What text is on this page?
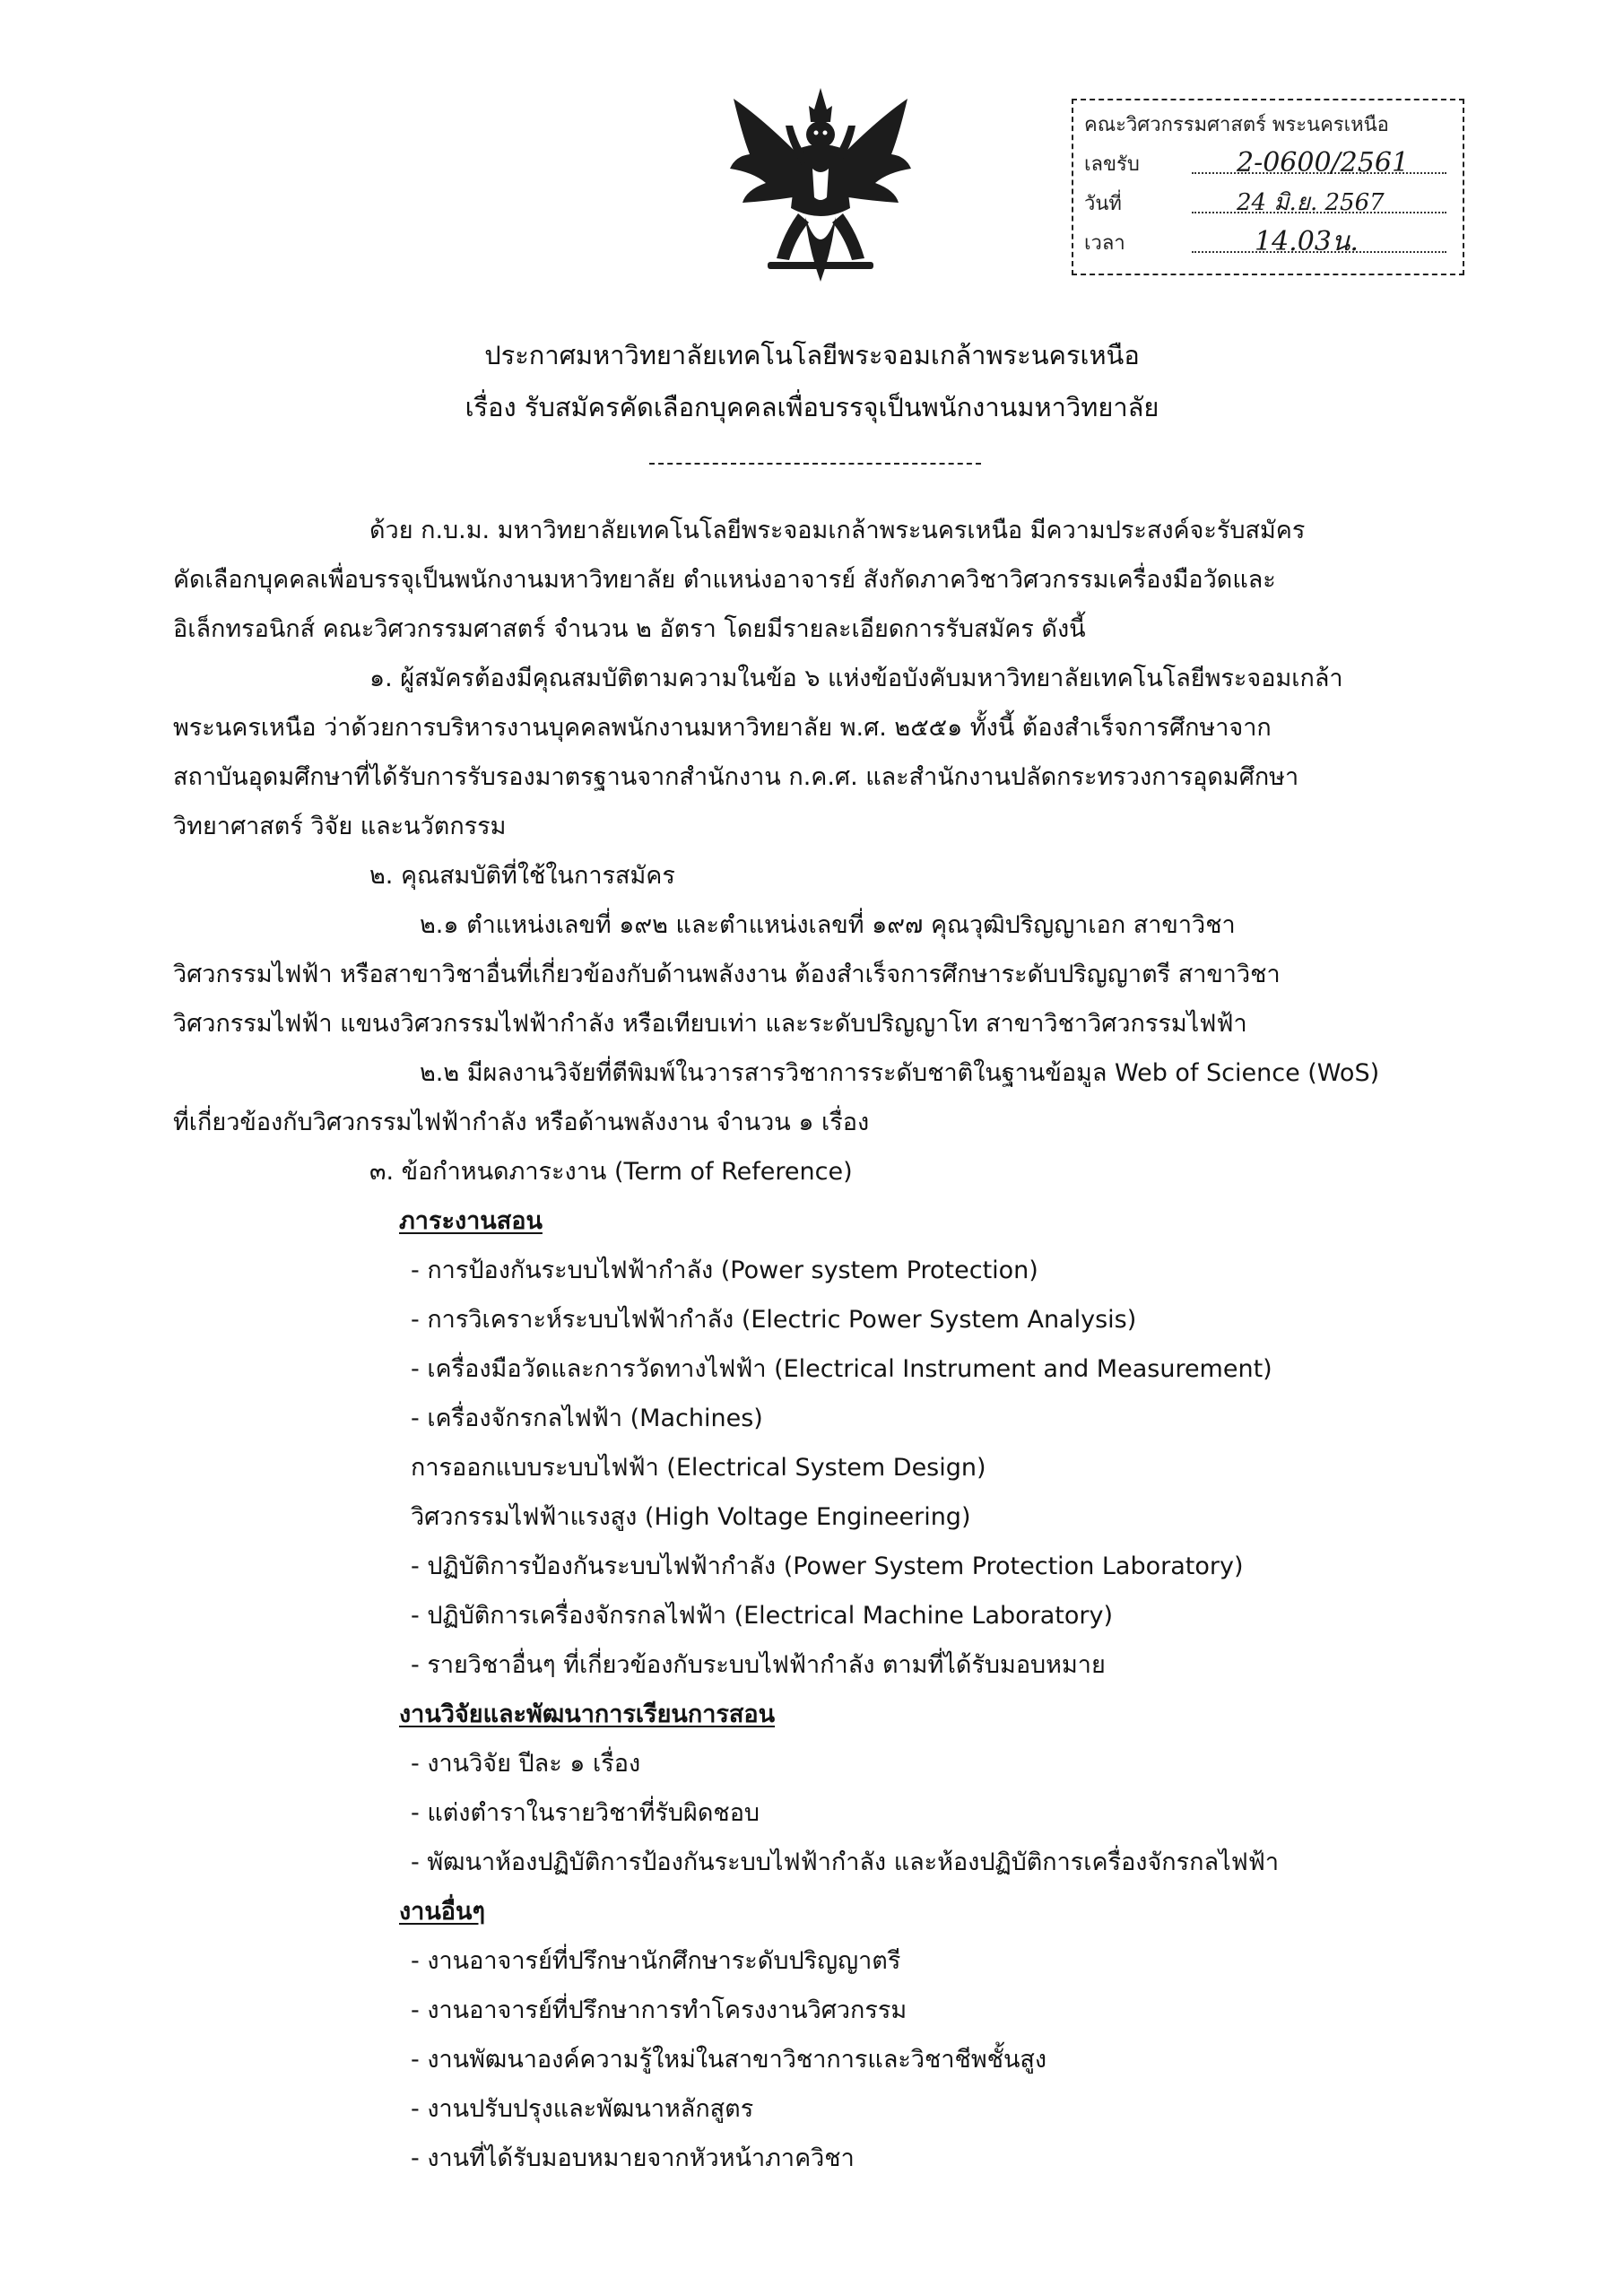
คณะวิศวกรรมศาสตร์ พระนครเหนือ
เลขรับ	2-0600/2561
วันที่	24 มิ.ย. 2567
เวลา	14.03น.
ประกาศมหาวิทยาลัยเทคโนโลยีพระจอมเกล้าพระนครเหนือ
เรื่อง รับสมัครคัดเลือกบุคคลเพื่อบรรจุเป็นพนักงานมหาวิทยาลัย
ด้วย ก.บ.ม. มหาวิทยาลัยเทคโนโลยีพระจอมเกล้าพระนครเหนือ มีความประสงค์จะรับสมัคร
คัดเลือกบุคคลเพื่อบรรจุเป็นพนักงานมหาวิทยาลัย ตำแหน่งอาจารย์ สังกัดภาควิชาวิศวกรรมเครื่องมือวัดและ
อิเล็กทรอนิกส์ คณะวิศวกรรมศาสตร์ จำนวน ๒ อัตรา โดยมีรายละเอียดการรับสมัคร ดังนี้
๑. ผู้สมัครต้องมีคุณสมบัติตามความในข้อ ๖ แห่งข้อบังคับมหาวิทยาลัยเทคโนโลยีพระจอมเกล้า
พระนครเหนือ ว่าด้วยการบริหารงานบุคคลพนักงานมหาวิทยาลัย พ.ศ. ๒๕๕๑ ทั้งนี้ ต้องสำเร็จการศึกษาจาก
สถาบันอุดมศึกษาที่ได้รับการรับรองมาตรฐานจากสำนักงาน ก.ค.ศ. และสำนักงานปลัดกระทรวงการอุดมศึกษา
วิทยาศาสตร์ วิจัย และนวัตกรรม
๒. คุณสมบัติที่ใช้ในการสมัคร
๒.๑ ตำแหน่งเลขที่ ๑๙๒ และตำแหน่งเลขที่ ๑๙๗ คุณวุฒิปริญญาเอก สาขาวิชา
วิศวกรรมไฟฟ้า หรือสาขาวิชาอื่นที่เกี่ยวข้องกับด้านพลังงาน ต้องสำเร็จการศึกษาระดับปริญญาตรี สาขาวิชา
วิศวกรรมไฟฟ้า แขนงวิศวกรรมไฟฟ้ากำลัง หรือเทียบเท่า และระดับปริญญาโท สาขาวิชาวิศวกรรมไฟฟ้า
๒.๒ มีผลงานวิจัยที่ตีพิมพ์ในวารสารวิชาการระดับชาติในฐานข้อมูล Web of Science (WoS)
ที่เกี่ยวข้องกับวิศวกรรมไฟฟ้ากำลัง หรือด้านพลังงาน จำนวน ๑ เรื่อง
๓. ข้อกำหนดภาระงาน (Term of Reference)
ภาระงานสอน
- การป้องกันระบบไฟฟ้ากำลัง (Power system Protection)
- การวิเคราะห์ระบบไฟฟ้ากำลัง (Electric Power System Analysis)
- เครื่องมือวัดและการวัดทางไฟฟ้า (Electrical Instrument and Measurement)
- เครื่องจักรกลไฟฟ้า (Machines)
การออกแบบระบบไฟฟ้า (Electrical System Design)
วิศวกรรมไฟฟ้าแรงสูง (High Voltage Engineering)
- ปฏิบัติการป้องกันระบบไฟฟ้ากำลัง (Power System Protection Laboratory)
- ปฏิบัติการเครื่องจักรกลไฟฟ้า (Electrical Machine Laboratory)
- รายวิชาอื่นๆ ที่เกี่ยวข้องกับระบบไฟฟ้ากำลัง ตามที่ได้รับมอบหมาย
งานวิจัยและพัฒนาการเรียนการสอน
- งานวิจัย ปีละ ๑ เรื่อง
- แต่งตำราในรายวิชาที่รับผิดชอบ
- พัฒนาห้องปฏิบัติการป้องกันระบบไฟฟ้ากำลัง และห้องปฏิบัติการเครื่องจักรกลไฟฟ้า
งานอื่นๆ
- งานอาจารย์ที่ปรึกษานักศึกษาระดับปริญญาตรี
- งานอาจารย์ที่ปรึกษาการทำโครงงานวิศวกรรม
- งานพัฒนาองค์ความรู้ใหม่ในสาขาวิชาการและวิชาชีพชั้นสูง
- งานปรับปรุงและพัฒนาหลักสูตร
- งานที่ได้รับมอบหมายจากหัวหน้าภาควิชา
